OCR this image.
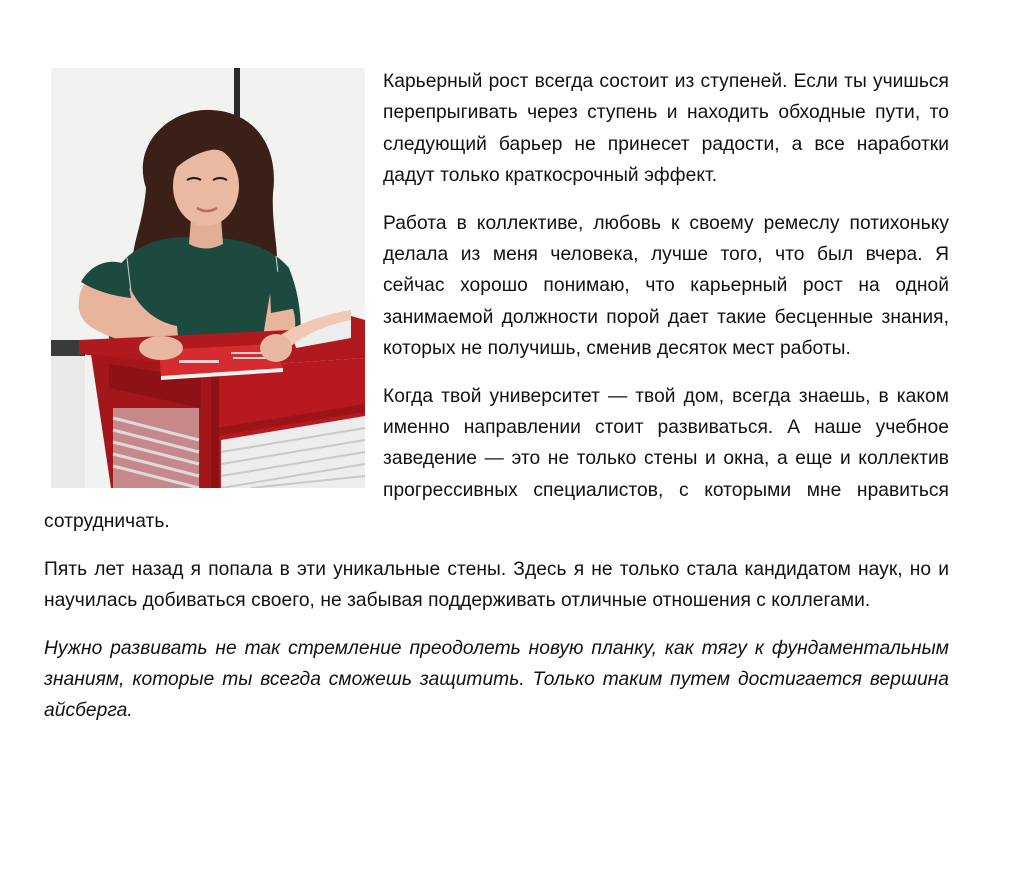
Карьерный рост всегда состоит из ступеней. Если ты учишься перепрыгивать через ступень и находить обходные пути, то следующий барьер не принесет радости, а все наработки дадут только краткосрочный эффект.

Работа в коллективе, любовь к своему ремеслу потихоньку делала из меня человека, лучше того, что был вчера. Я сейчас хорошо понимаю, что карьерный рост на одной занимаемой должности порой дает такие бесценные знания, которых не получишь, сменив десяток мест работы.

Когда твой университет — твой дом, всегда знаешь, в каком именно направлении стоит развиваться. А наше учебное заведение — это не только стены и окна, а еще и коллектив прогрессивных специалистов, с которыми мне нравиться сотрудничать.

Пять лет назад я попала в эти уникальные стены. Здесь я не только стала кандидатом наук, но и научилась добиваться своего, не забывая поддерживать отличные отношения с коллегами.

Нужно развивать не так стремление преодолеть новую планку, как тягу к фундаментальным знаниям, которые ты всегда сможешь защитить. Только таким путем достигается вершина айсберга.
